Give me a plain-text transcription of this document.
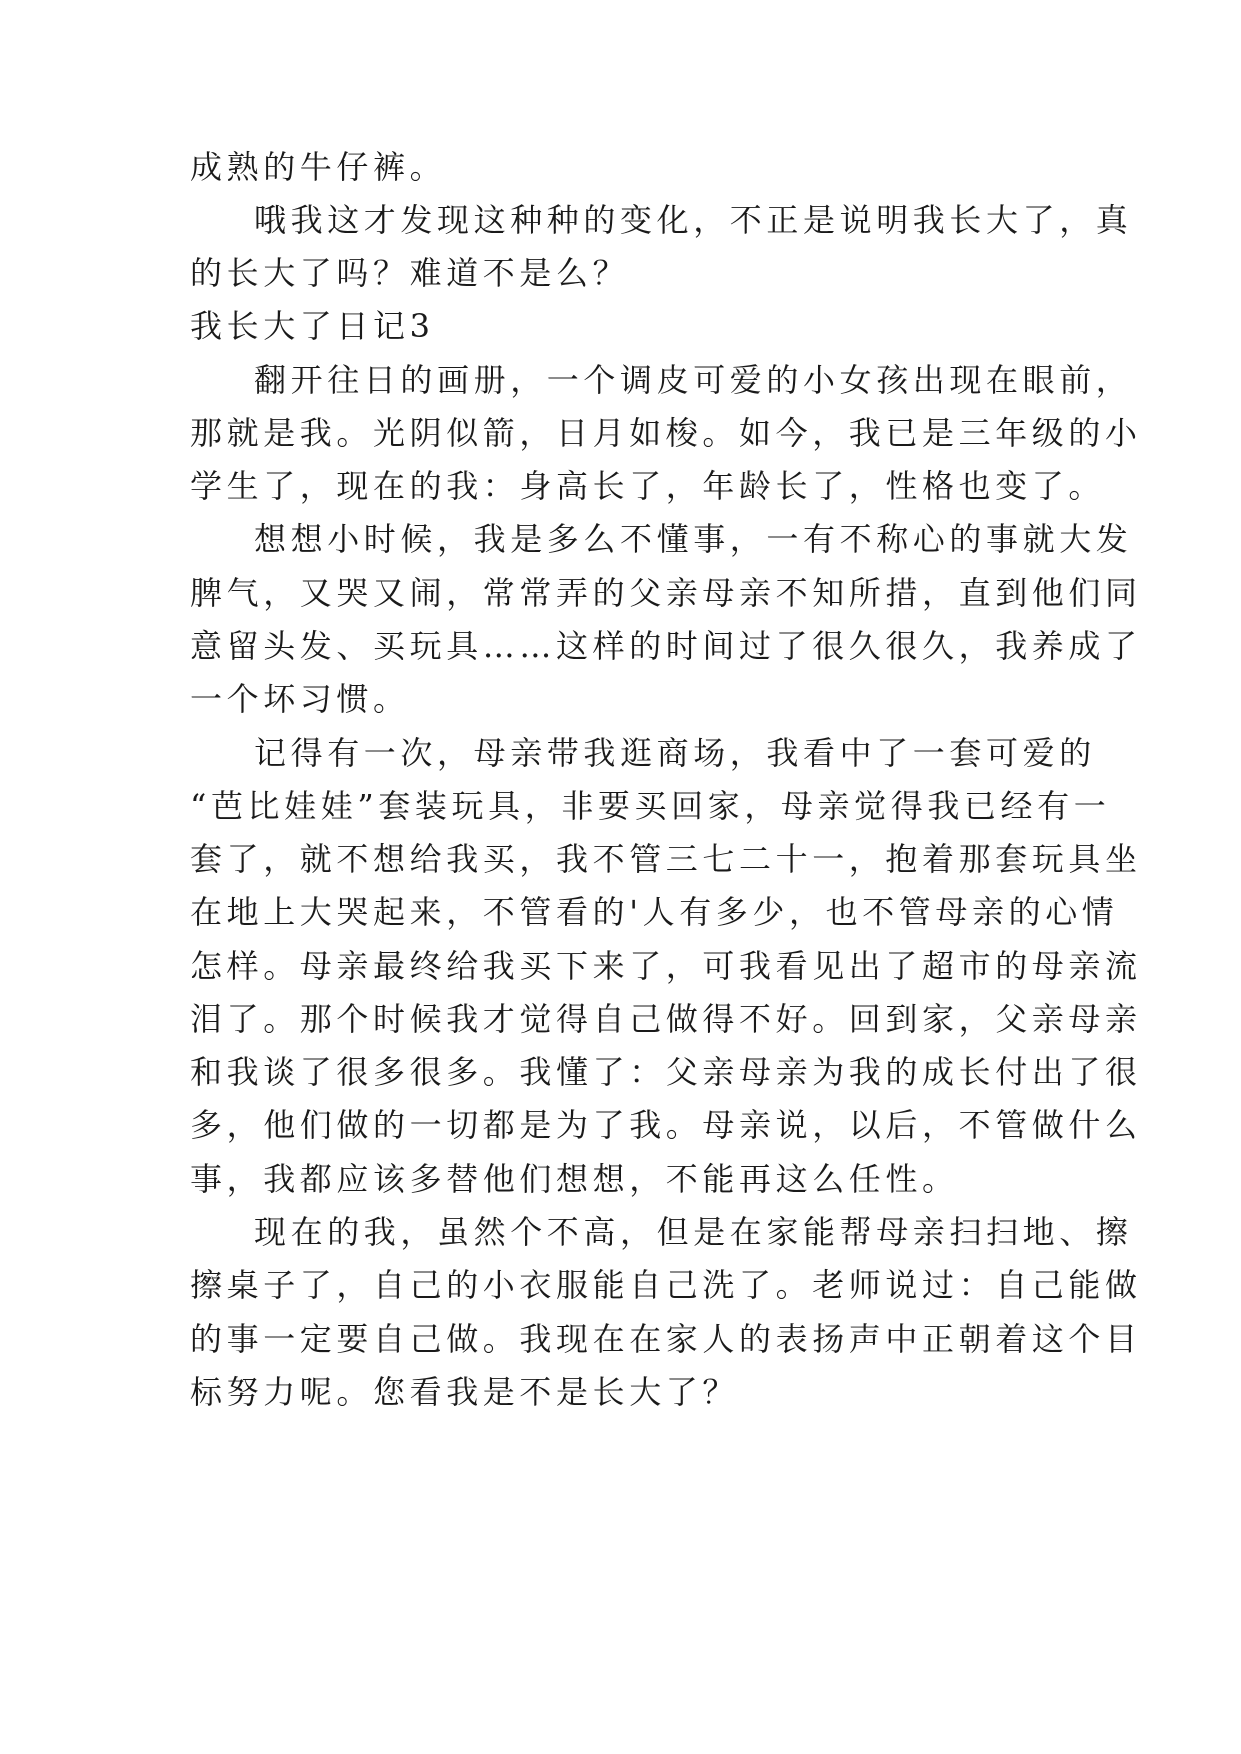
成熟的牛仔裤。
哦我这才发现这种种的变化，不正是说明我长大了，真
的长大了吗？难道不是么？
我长大了日记3
翻开往日的画册，一个调皮可爱的小女孩出现在眼前，
那就是我。光阴似箭，日月如梭。如今，我已是三年级的小
学生了，现在的我：身高长了，年龄长了，性格也变了。
想想小时候，我是多么不懂事，一有不称心的事就大发
脾气，又哭又闹，常常弄的父亲母亲不知所措，直到他们同
意留头发、买玩具……这样的时间过了很久很久，我养成了
一个坏习惯。
记得有一次，母亲带我逛商场，我看中了一套可爱的
“芭比娃娃”套装玩具，非要买回家，母亲觉得我已经有一
套了，就不想给我买，我不管三七二十一，抱着那套玩具坐
在地上大哭起来，不管看的'人有多少，也不管母亲的心情
怎样。母亲最终给我买下来了，可我看见出了超市的母亲流
泪了。那个时候我才觉得自己做得不好。回到家，父亲母亲
和我谈了很多很多。我懂了：父亲母亲为我的成长付出了很
多，他们做的一切都是为了我。母亲说，以后，不管做什么
事，我都应该多替他们想想，不能再这么任性。
现在的我，虽然个不高，但是在家能帮母亲扫扫地、擦
擦桌子了，自己的小衣服能自己洗了。老师说过：自己能做
的事一定要自己做。我现在在家人的表扬声中正朝着这个目
标努力呢。您看我是不是长大了？
